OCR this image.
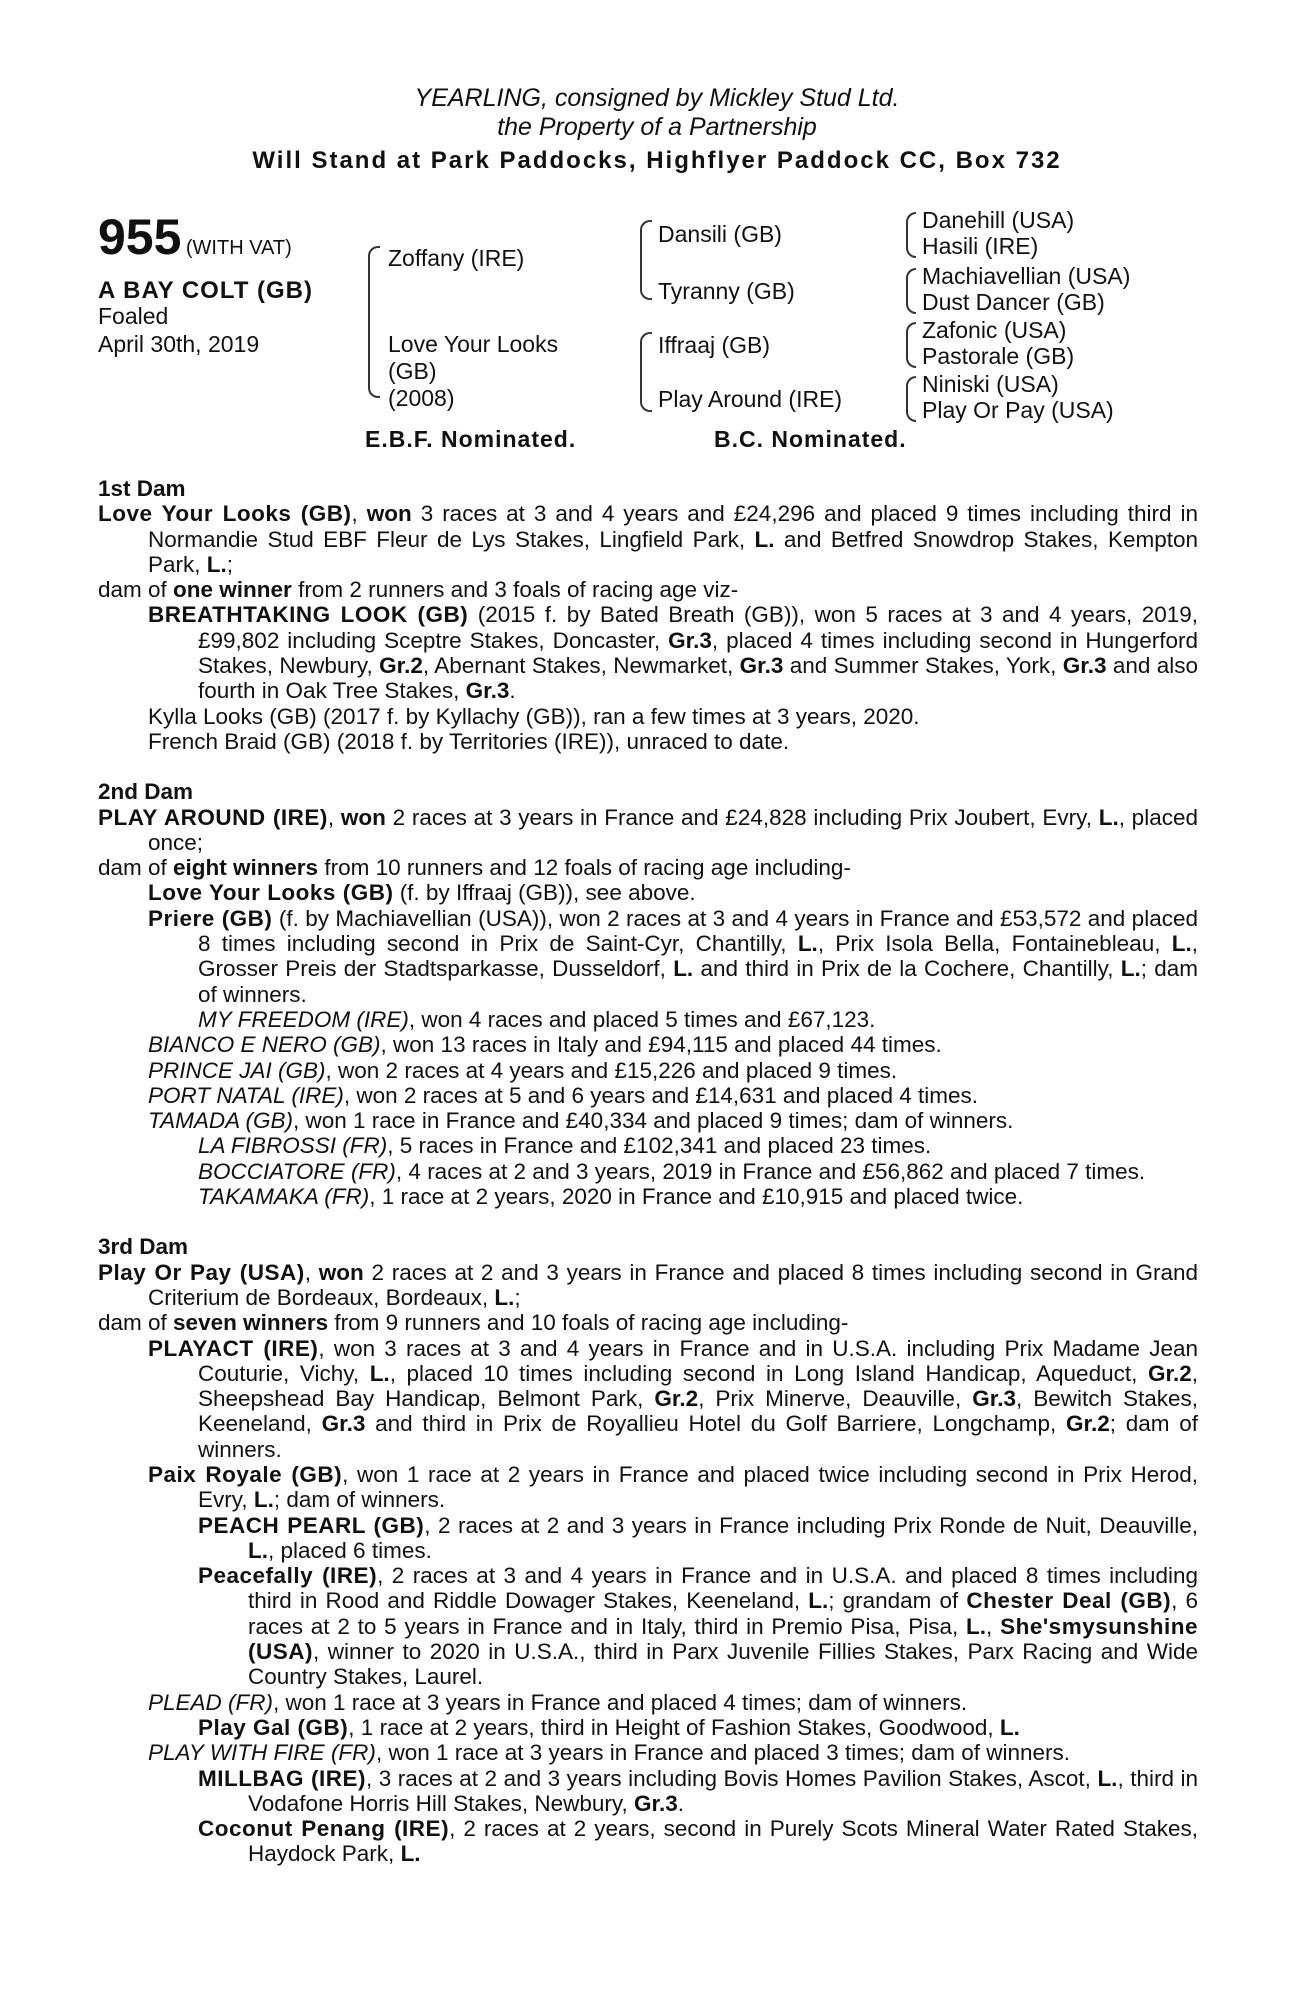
YEARLING, consigned by Mickley Stud Ltd.
the Property of a Partnership
Will Stand at Park Paddocks, Highflyer Paddock CC, Box 732
955 (WITH VAT)
A BAY COLT (GB)
Foaled
April 30th, 2019
Zoffany (IRE)
Love Your Looks
(GB)
(2008)
Dansili (GB)
Tyranny (GB)
Iffraaj (GB)
Play Around (IRE)
Danehill (USA)
Hasili (IRE)
Machiavellian (USA)
Dust Dancer (GB)
Zafonic (USA)
Pastorale (GB)
Niniski (USA)
Play Or Pay (USA)
E.B.F. Nominated.	B.C. Nominated.

1st Dam

Love Your Looks (GB), won 3 races at 3 and 4 years and £24,296 and placed 9 times including third in Normandie Stud EBF Fleur de Lys Stakes, Lingfield Park, L. and Betfred Snowdrop Stakes, Kempton Park, L.;

dam of one winner from 2 runners and 3 foals of racing age viz-

BREATHTAKING LOOK (GB) (2015 f. by Bated Breath (GB)), won 5 races at 3 and 4 years, 2019, £99,802 including Sceptre Stakes, Doncaster, Gr.3, placed 4 times including second in Hungerford Stakes, Newbury, Gr.2, Abernant Stakes, Newmarket, Gr.3 and Summer Stakes, York, Gr.3 and also fourth in Oak Tree Stakes, Gr.3.

Kylla Looks (GB) (2017 f. by Kyllachy (GB)), ran a few times at 3 years, 2020.

French Braid (GB) (2018 f. by Territories (IRE)), unraced to date.

2nd Dam

PLAY AROUND (IRE), won 2 races at 3 years in France and £24,828 including Prix Joubert, Evry, L., placed once;

dam of eight winners from 10 runners and 12 foals of racing age including-

Love Your Looks (GB) (f. by Iffraaj (GB)), see above.

Priere (GB) (f. by Machiavellian (USA)), won 2 races at 3 and 4 years in France and £53,572 and placed 8 times including second in Prix de Saint-Cyr, Chantilly, L., Prix Isola Bella, Fontainebleau, L., Grosser Preis der Stadtsparkasse, Dusseldorf, L. and third in Prix de la Cochere, Chantilly, L.; dam of winners.

MY FREEDOM (IRE), won 4 races and placed 5 times and £67,123.

BIANCO E NERO (GB), won 13 races in Italy and £94,115 and placed 44 times.

PRINCE JAI (GB), won 2 races at 4 years and £15,226 and placed 9 times.

PORT NATAL (IRE), won 2 races at 5 and 6 years and £14,631 and placed 4 times.

TAMADA (GB), won 1 race in France and £40,334 and placed 9 times; dam of winners.

LA FIBROSSI (FR), 5 races in France and £102,341 and placed 23 times.

BOCCIATORE (FR), 4 races at 2 and 3 years, 2019 in France and £56,862 and placed 7 times.

TAKAMAKA (FR), 1 race at 2 years, 2020 in France and £10,915 and placed twice.

3rd Dam

Play Or Pay (USA), won 2 races at 2 and 3 years in France and placed 8 times including second in Grand Criterium de Bordeaux, Bordeaux, L.;

dam of seven winners from 9 runners and 10 foals of racing age including-

PLAYACT (IRE), won 3 races at 3 and 4 years in France and in U.S.A. including Prix Madame Jean Couturie, Vichy, L., placed 10 times including second in Long Island Handicap, Aqueduct, Gr.2, Sheepshead Bay Handicap, Belmont Park, Gr.2, Prix Minerve, Deauville, Gr.3, Bewitch Stakes, Keeneland, Gr.3 and third in Prix de Royallieu Hotel du Golf Barriere, Longchamp, Gr.2; dam of winners.

Paix Royale (GB), won 1 race at 2 years in France and placed twice including second in Prix Herod, Evry, L.; dam of winners.

PEACH PEARL (GB), 2 races at 2 and 3 years in France including Prix Ronde de Nuit, Deauville, L., placed 6 times.

Peacefally (IRE), 2 races at 3 and 4 years in France and in U.S.A. and placed 8 times including third in Rood and Riddle Dowager Stakes, Keeneland, L.; grandam of Chester Deal (GB), 6 races at 2 to 5 years in France and in Italy, third in Premio Pisa, Pisa, L., She'smysunshine (USA), winner to 2020 in U.S.A., third in Parx Juvenile Fillies Stakes, Parx Racing and Wide Country Stakes, Laurel.

PLEAD (FR), won 1 race at 3 years in France and placed 4 times; dam of winners.

Play Gal (GB), 1 race at 2 years, third in Height of Fashion Stakes, Goodwood, L.

PLAY WITH FIRE (FR), won 1 race at 3 years in France and placed 3 times; dam of winners.

MILLBAG (IRE), 3 races at 2 and 3 years including Bovis Homes Pavilion Stakes, Ascot, L., third in Vodafone Horris Hill Stakes, Newbury, Gr.3.

Coconut Penang (IRE), 2 races at 2 years, second in Purely Scots Mineral Water Rated Stakes, Haydock Park, L.
